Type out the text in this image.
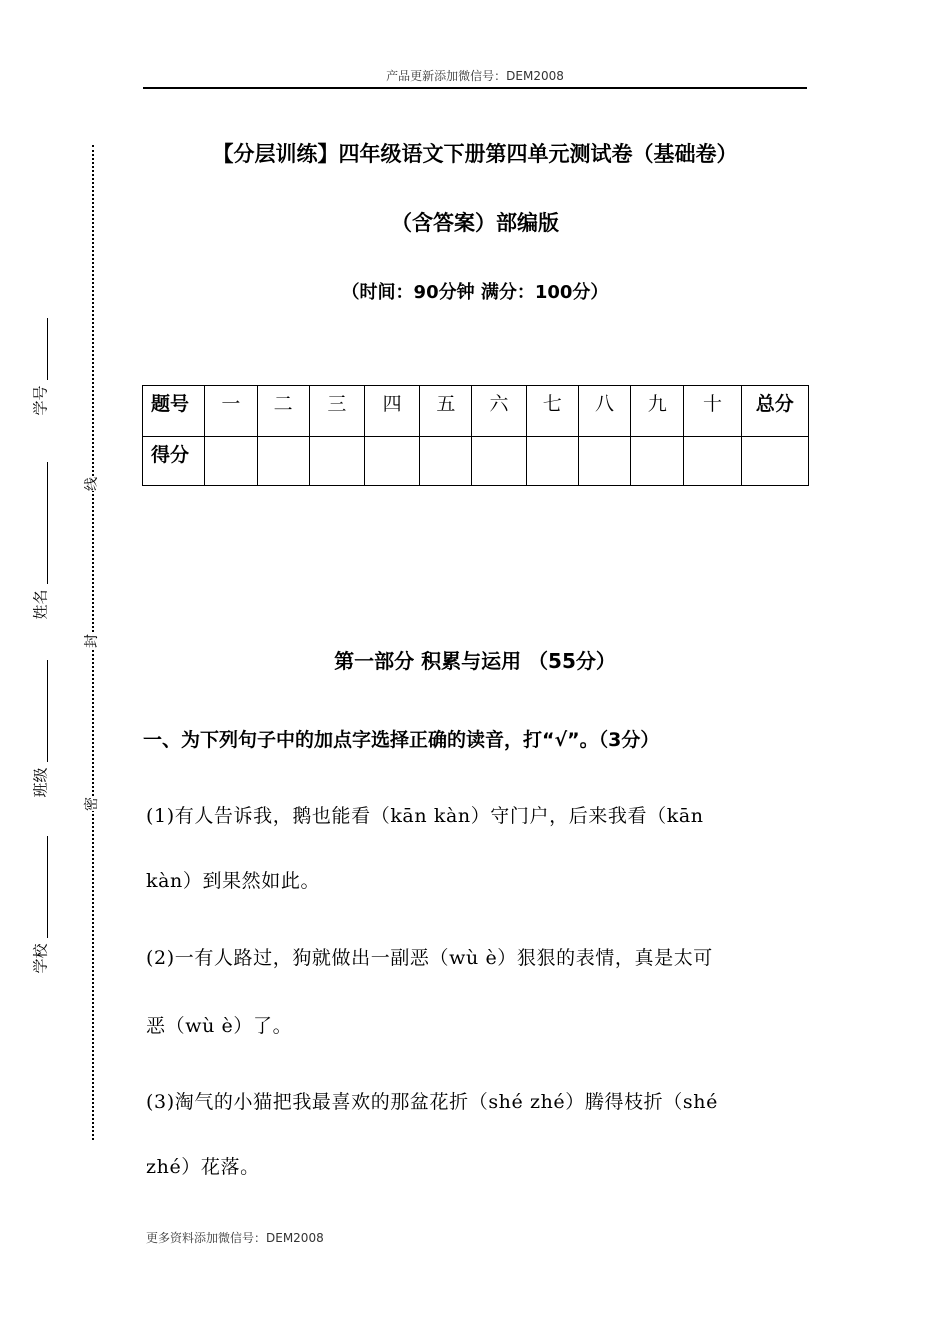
产品更新添加微信号：DEM2008
【分层训练】四年级语文下册第四单元测试卷（基础卷）
（含答案）部编版
（时间：90分钟 满分：100分）
题号	一	二	三	四	五	六	七	八	九	十	总分
得分											
第一部分 积累与运用 （55分）
一、为下列句子中的加点字选择正确的读音，打“√”。（3分）
(1)有人告诉我，鹅也能看（kān kàn）守门户，后来我看（kān
kàn）到果然如此。
(2)一有人路过，狗就做出一副恶（wù è）狠狠的表情，真是太可
恶（wù è）了。
(3)淘气的小猫把我最喜欢的那盆花折（shé zhé）腾得枝折（shé
zhé）花落。
更多资料添加微信号：DEM2008
线
封
密
学号
姓名
班级
学校
